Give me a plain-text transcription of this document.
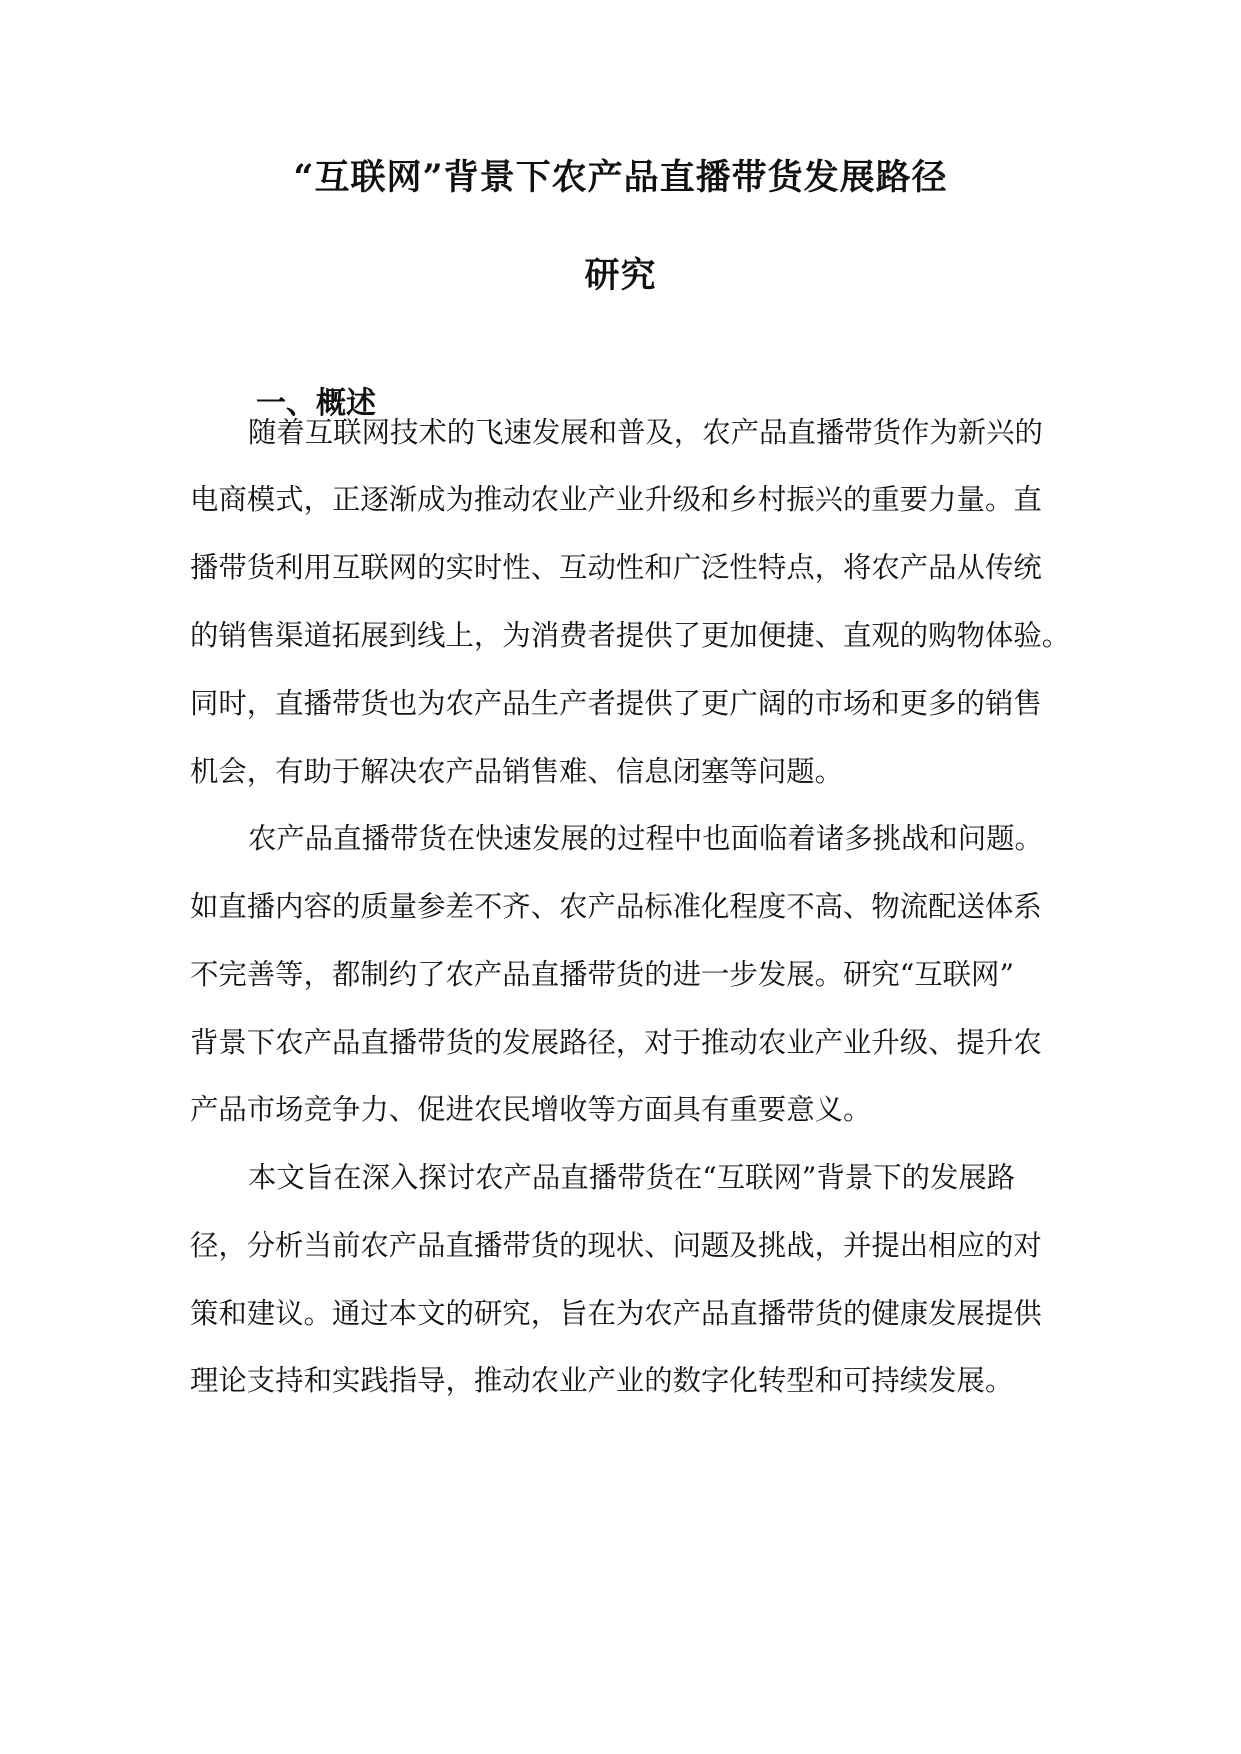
“互联网”背景下农产品直播带货发展路径
研究
一、概述
随着互联网技术的飞速发展和普及，农产品直播带货作为新兴的
电商模式，正逐渐成为推动农业产业升级和乡村振兴的重要力量。直
播带货利用互联网的实时性、互动性和广泛性特点，将农产品从传统
的销售渠道拓展到线上，为消费者提供了更加便捷、直观的购物体验。
同时，直播带货也为农产品生产者提供了更广阔的市场和更多的销售
机会，有助于解决农产品销售难、信息闭塞等问题。
农产品直播带货在快速发展的过程中也面临着诸多挑战和问题。
如直播内容的质量参差不齐、农产品标准化程度不高、物流配送体系
不完善等，都制约了农产品直播带货的进一步发展。研究“互联网”
背景下农产品直播带货的发展路径，对于推动农业产业升级、提升农
产品市场竞争力、促进农民增收等方面具有重要意义。
本文旨在深入探讨农产品直播带货在“互联网”背景下的发展路
径，分析当前农产品直播带货的现状、问题及挑战，并提出相应的对
策和建议。通过本文的研究，旨在为农产品直播带货的健康发展提供
理论支持和实践指导，推动农业产业的数字化转型和可持续发展。
